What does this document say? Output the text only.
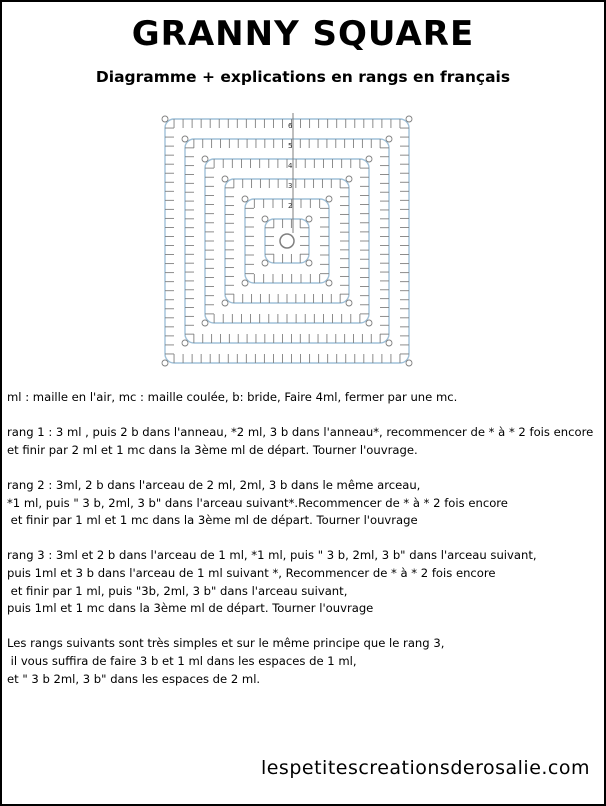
GRANNY SQUARE
Diagramme + explications en rangs en français
2
3
4
5
6

ml : maille en l'air, mc : maille coulée, b: bride, Faire 4ml, fermer par une mc.

rang 1 : 3 ml , puis 2 b dans l'anneau, *2 ml, 3 b dans l'anneau*, recommencer de * à * 2 fois encore

et finir par 2 ml et 1 mc dans la 3ème ml de départ. Tourner l'ouvrage.

rang 2 : 3ml, 2 b dans l'arceau de 2 ml, 2ml, 3 b dans le même arceau,

*1 ml, puis " 3 b, 2ml, 3 b" dans l'arceau suivant*.Recommencer de * à * 2 fois encore

et finir par 1 ml et 1 mc dans la 3ème ml de départ. Tourner l'ouvrage

rang 3 : 3ml et 2 b dans l'arceau de 1 ml, *1 ml, puis " 3 b, 2ml, 3 b" dans l'arceau suivant,

puis 1ml et 3 b dans l'arceau de 1 ml suivant *, Recommencer de * à * 2 fois encore

et finir par 1 ml, puis "3b, 2ml, 3 b" dans l'arceau suivant,

puis 1ml et 1 mc dans la 3ème ml de départ. Tourner l'ouvrage

Les rangs suivants sont très simples et sur le même principe que le rang 3,

il vous suffira de faire 3 b et 1 ml dans les espaces de 1 ml,

et " 3 b 2ml, 3 b" dans les espaces de 2 ml.

lespetitescreationsderosalie.com
